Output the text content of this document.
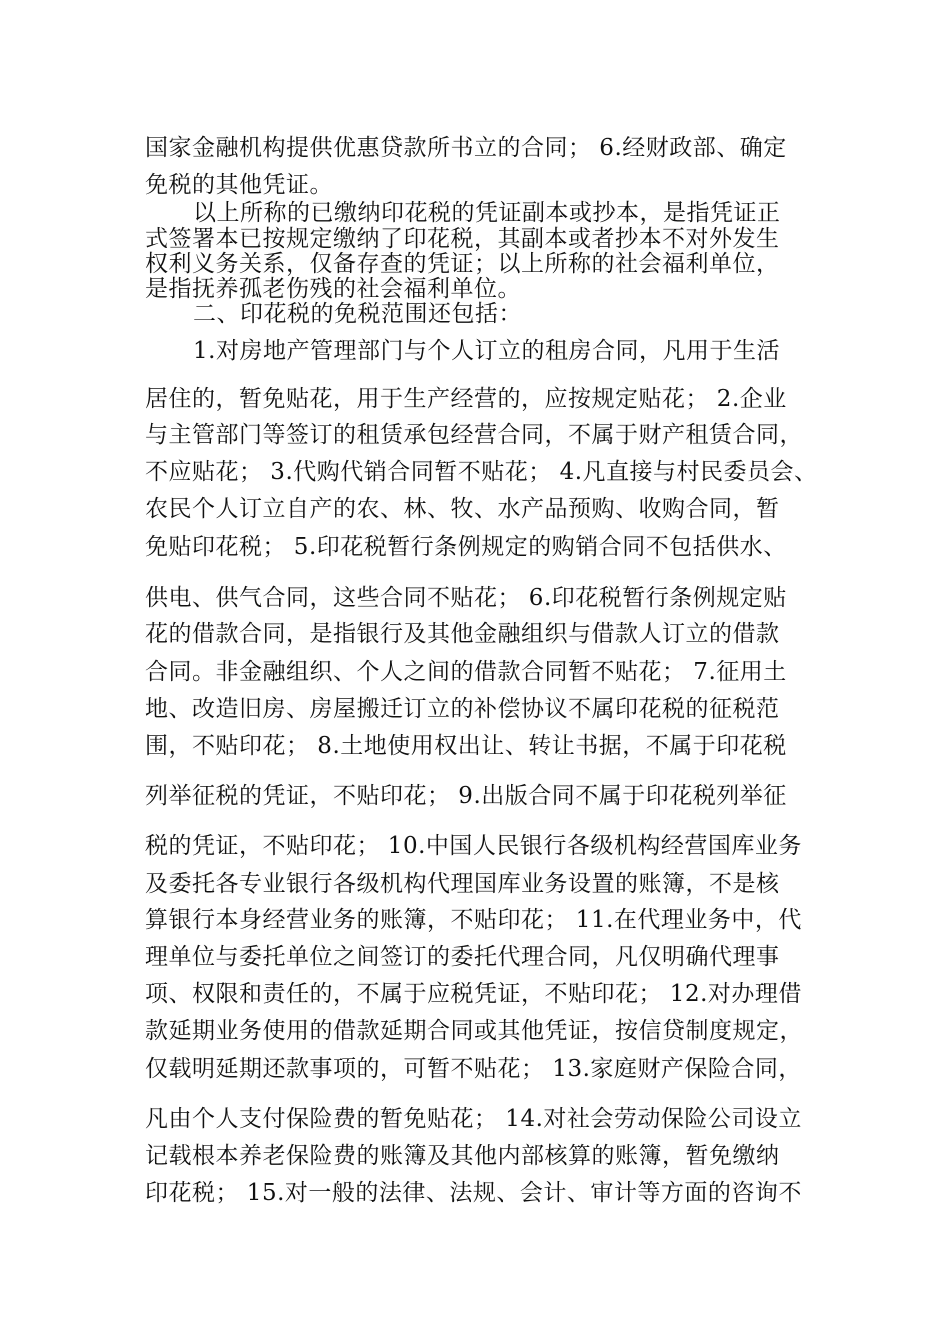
国家金融机构提供优惠贷款所书立的合同； 6.经财政部、确定
免税的其他凭证。
以上所称的已缴纳印花税的凭证副本或抄本，是指凭证正
式签署本已按规定缴纳了印花税，其副本或者抄本不对外发生
权利义务关系，仅备存查的凭证；以上所称的社会福利单位，
是指抚养孤老伤残的社会福利单位。
二、印花税的免税范围还包括：
1.对房地产管理部门与个人订立的租房合同，凡用于生活
居住的，暂免贴花，用于生产经营的，应按规定贴花； 2.企业
与主管部门等签订的租赁承包经营合同，不属于财产租赁合同，
不应贴花； 3.代购代销合同暂不贴花； 4.凡直接与村民委员会、
农民个人订立自产的农、林、牧、水产品预购、收购合同，暂
免贴印花税； 5.印花税暂行条例规定的购销合同不包括供水、
供电、供气合同，这些合同不贴花； 6.印花税暂行条例规定贴
花的借款合同，是指银行及其他金融组织与借款人订立的借款
合同。非金融组织、个人之间的借款合同暂不贴花； 7.征用土
地、改造旧房、房屋搬迁订立的补偿协议不属印花税的征税范
围，不贴印花； 8.土地使用权出让、转让书据，不属于印花税
列举征税的凭证，不贴印花； 9.出版合同不属于印花税列举征
税的凭证，不贴印花； 10.中国人民银行各级机构经营国库业务
及委托各专业银行各级机构代理国库业务设置的账簿，不是核
算银行本身经营业务的账簿，不贴印花； 11.在代理业务中，代
理单位与委托单位之间签订的委托代理合同，凡仅明确代理事
项、权限和责任的，不属于应税凭证，不贴印花； 12.对办理借
款延期业务使用的借款延期合同或其他凭证，按信贷制度规定，
仅载明延期还款事项的，可暂不贴花； 13.家庭财产保险合同，
凡由个人支付保险费的暂免贴花； 14.对社会劳动保险公司设立
记载根本养老保险费的账簿及其他内部核算的账簿，暂免缴纳
印花税； 15.对一般的法律、法规、会计、审计等方面的咨询不
